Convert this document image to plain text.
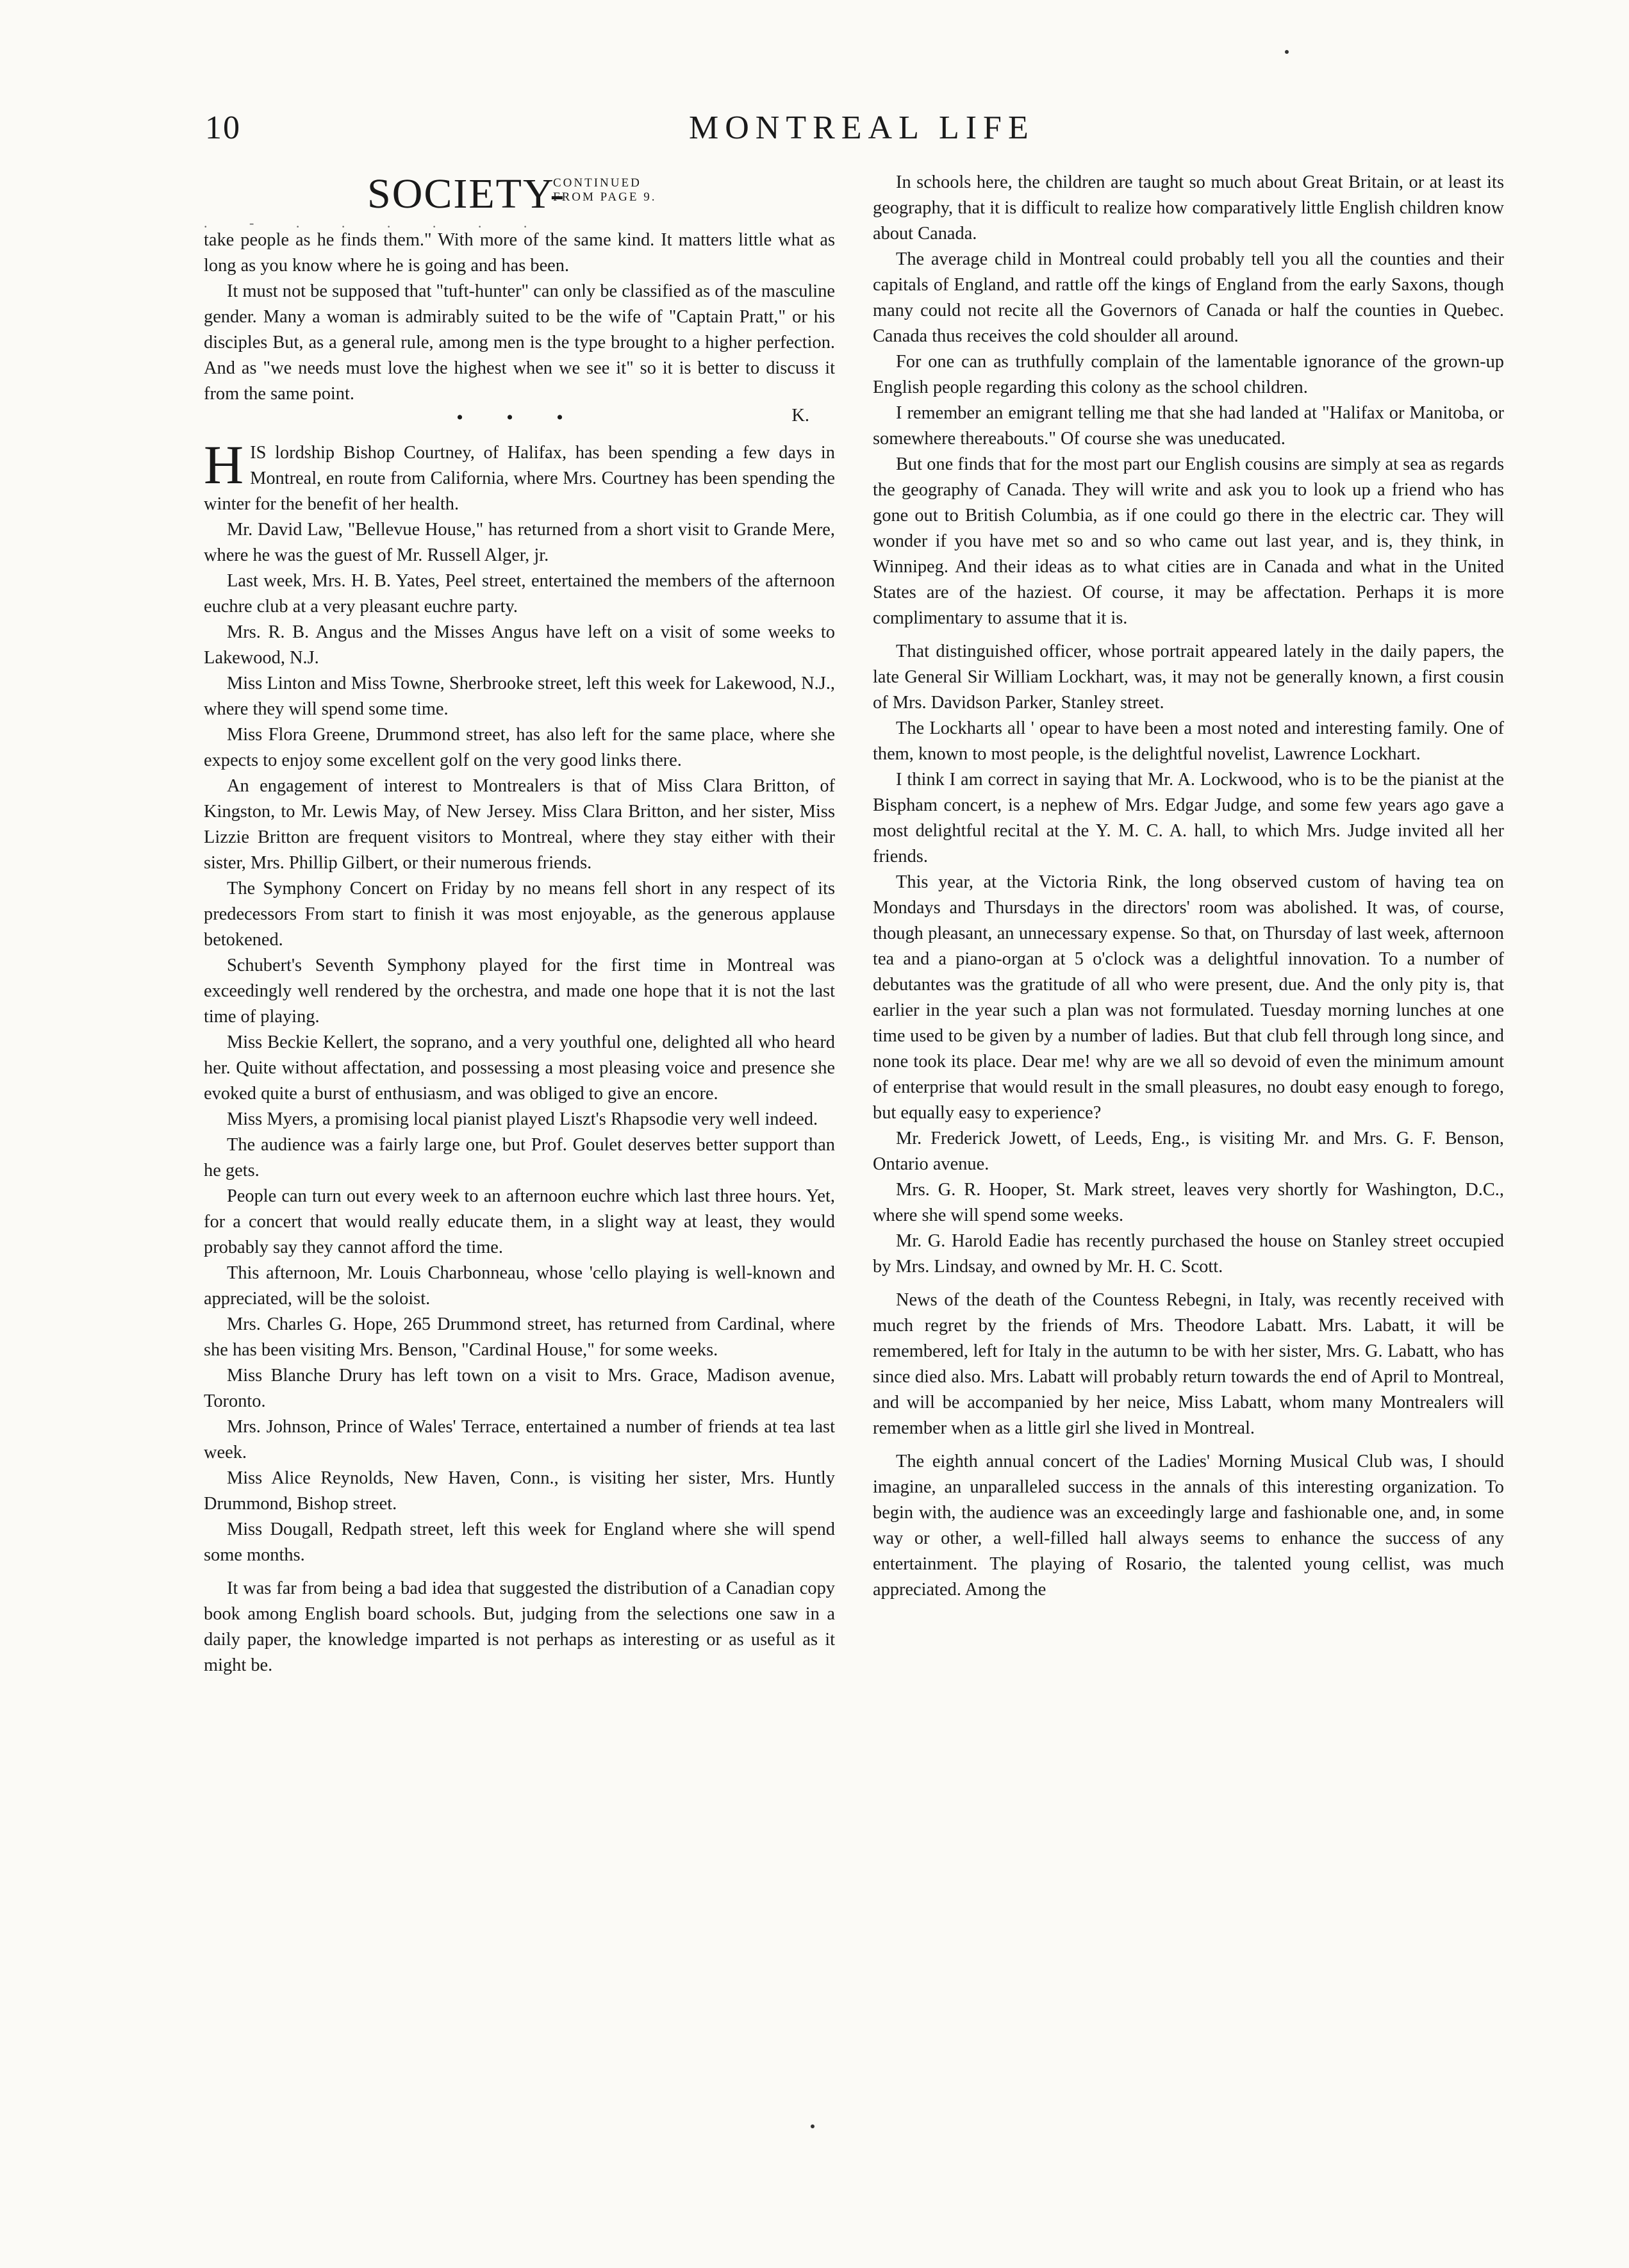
10	MONTREAL LIFE
SOCIETY-
CONTINUED
FROM PAGE 9.
. - . . . . . .

take people as he finds them." With more of the same kind. It matters little what as long as you know where he is going and has been.

It must not be supposed that "tuft-hunter" can only be classified as of the masculine gender. Many a woman is admirably suited to be the wife of "Captain Pratt," or his disciples But, as a general rule, among men is the type brought to a higher perfection. And as "we needs must love the highest when we see it" so it is better to discuss it from the same point.

• • •	K.

HIS lordship Bishop Courtney, of Halifax, has been spending a few days in Montreal, en route from California, where Mrs. Courtney has been spending the winter for the benefit of her health.

Mr. David Law, "Bellevue House," has returned from a short visit to Grande Mere, where he was the guest of Mr. Russell Alger, jr.

Last week, Mrs. H. B. Yates, Peel street, entertained the members of the afternoon euchre club at a very pleasant euchre party.

Mrs. R. B. Angus and the Misses Angus have left on a visit of some weeks to Lakewood, N.J.

Miss Linton and Miss Towne, Sherbrooke street, left this week for Lakewood, N.J., where they will spend some time.

Miss Flora Greene, Drummond street, has also left for the same place, where she expects to enjoy some excellent golf on the very good links there.

An engagement of interest to Montrealers is that of Miss Clara Britton, of Kingston, to Mr. Lewis May, of New Jersey. Miss Clara Britton, and her sister, Miss Lizzie Britton are frequent visitors to Montreal, where they stay either with their sister, Mrs. Phillip Gilbert, or their numerous friends.

The Symphony Concert on Friday by no means fell short in any respect of its predecessors From start to finish it was most enjoyable, as the generous applause betokened.

Schubert's Seventh Symphony played for the first time in Montreal was exceedingly well rendered by the orchestra, and made one hope that it is not the last time of playing.

Miss Beckie Kellert, the soprano, and a very youthful one, delighted all who heard her. Quite without affectation, and possessing a most pleasing voice and presence she evoked quite a burst of enthusiasm, and was obliged to give an encore.

Miss Myers, a promising local pianist played Liszt's Rhapsodie very well indeed.

The audience was a fairly large one, but Prof. Goulet deserves better support than he gets.

People can turn out every week to an afternoon euchre which last three hours. Yet, for a concert that would really educate them, in a slight way at least, they would probably say they cannot afford the time.

This afternoon, Mr. Louis Charbonneau, whose 'cello playing is well-known and appreciated, will be the soloist.

Mrs. Charles G. Hope, 265 Drummond street, has returned from Cardinal, where she has been visiting Mrs. Benson, "Cardinal House," for some weeks.

Miss Blanche Drury has left town on a visit to Mrs. Grace, Madison avenue, Toronto.

Mrs. Johnson, Prince of Wales' Terrace, entertained a number of friends at tea last week.

Miss Alice Reynolds, New Haven, Conn., is visiting her sister, Mrs. Huntly Drummond, Bishop street.

Miss Dougall, Redpath street, left this week for England where she will spend some months.

It was far from being a bad idea that suggested the distribution of a Canadian copy book among English board schools. But, judging from the selections one saw in a daily paper, the knowledge imparted is not perhaps as interesting or as useful as it might be.

In schools here, the children are taught so much about Great Britain, or at least its geography, that it is difficult to realize how comparatively little English children know about Canada.

The average child in Montreal could probably tell you all the counties and their capitals of England, and rattle off the kings of England from the early Saxons, though many could not recite all the Governors of Canada or half the counties in Quebec. Canada thus receives the cold shoulder all around.

For one can as truthfully complain of the lamentable ignorance of the grown-up English people regarding this colony as the school children.

I remember an emigrant telling me that she had landed at "Halifax or Manitoba, or somewhere thereabouts." Of course she was uneducated.

But one finds that for the most part our English cousins are simply at sea as regards the geography of Canada. They will write and ask you to look up a friend who has gone out to British Columbia, as if one could go there in the electric car. They will wonder if you have met so and so who came out last year, and is, they think, in Winnipeg. And their ideas as to what cities are in Canada and what in the United States are of the haziest. Of course, it may be affectation. Perhaps it is more complimentary to assume that it is.

That distinguished officer, whose portrait appeared lately in the daily papers, the late General Sir William Lockhart, was, it may not be generally known, a first cousin of Mrs. Davidson Parker, Stanley street.

The Lockharts all ' opear to have been a most noted and interesting family. One of them, known to most people, is the delightful novelist, Lawrence Lockhart.

I think I am correct in saying that Mr. A. Lockwood, who is to be the pianist at the Bispham concert, is a nephew of Mrs. Edgar Judge, and some few years ago gave a most delightful recital at the Y. M. C. A. hall, to which Mrs. Judge invited all her friends.

This year, at the Victoria Rink, the long observed custom of having tea on Mondays and Thursdays in the directors' room was abolished. It was, of course, though pleasant, an unnecessary expense. So that, on Thursday of last week, afternoon tea and a piano-organ at 5 o'clock was a delightful innovation. To a number of debutantes was the gratitude of all who were present, due. And the only pity is, that earlier in the year such a plan was not formulated. Tuesday morning lunches at one time used to be given by a number of ladies. But that club fell through long since, and none took its place. Dear me! why are we all so devoid of even the minimum amount of enterprise that would result in the small pleasures, no doubt easy enough to forego, but equally easy to experience?

Mr. Frederick Jowett, of Leeds, Eng., is visiting Mr. and Mrs. G. F. Benson, Ontario avenue.

Mrs. G. R. Hooper, St. Mark street, leaves very shortly for Washington, D.C., where she will spend some weeks.

Mr. G. Harold Eadie has recently purchased the house on Stanley street occupied by Mrs. Lindsay, and owned by Mr. H. C. Scott.

News of the death of the Countess Rebegni, in Italy, was recently received with much regret by the friends of Mrs. Theodore Labatt. Mrs. Labatt, it will be remembered, left for Italy in the autumn to be with her sister, Mrs. G. Labatt, who has since died also. Mrs. Labatt will probably return towards the end of April to Montreal, and will be accompanied by her neice, Miss Labatt, whom many Montrealers will remember when as a little girl she lived in Montreal.

The eighth annual concert of the Ladies' Morning Musical Club was, I should imagine, an unparalleled success in the annals of this interesting organization. To begin with, the audience was an exceedingly large and fashionable one, and, in some way or other, a well-filled hall always seems to enhance the success of any entertainment. The playing of Rosario, the talented young cellist, was much appreciated. Among the
